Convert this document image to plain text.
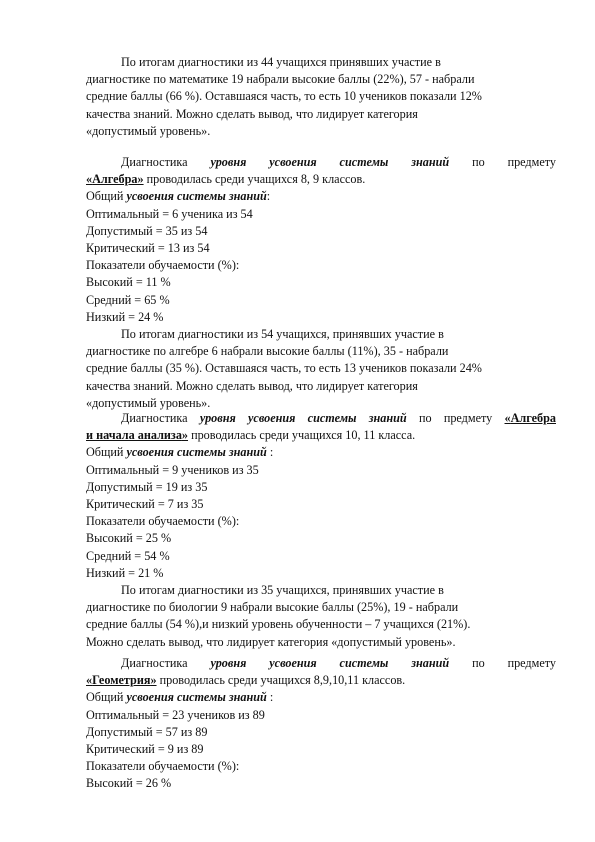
По итогам диагностики из 44 учащихся принявших участие в

диагностике по математике 19 набрали высокие баллы (22%), 57 - набрали

средние баллы (66 %). Оставшаяся часть, то есть 10 учеников показали 12%

качества знаний. Можно сделать вывод, что лидирует категория

«допустимый уровень».

Диагностика уровня усвоения системы знаний по предмету

«Алгебра» проводилась среди учащихся 8, 9 классов.

Общий усвоения системы знаний:

Оптимальный = 6 ученика из 54

Допустимый = 35 из 54

Критический = 13 из 54

Показатели обучаемости (%):

Высокий = 11 %

Средний = 65 %

Низкий = 24 %

По итогам диагностики из 54 учащихся, принявших участие в

диагностике по алгебре 6 набрали высокие баллы (11%), 35 - набрали

средние баллы (35 %). Оставшаяся часть, то есть 13 учеников показали 24%

качества знаний. Можно сделать вывод, что лидирует категория

«допустимый уровень».

Диагностика уровня усвоения системы знаний по предмету «Алгебра

и начала анализа» проводилась среди учащихся 10, 11 класса.

Общий усвоения системы знаний :

Оптимальный = 9 учеников из 35

Допустимый = 19 из 35

Критический = 7 из 35

Показатели обучаемости (%):

Высокий = 25 %

Средний = 54 %

Низкий = 21 %

По итогам диагностики из 35 учащихся, принявших участие в

диагностике по биологии 9 набрали высокие баллы (25%), 19 - набрали

средние баллы (54 %),и низкий уровень обученности – 7 учащихся (21%).

Можно сделать вывод, что лидирует категория «допустимый уровень».

Диагностика уровня усвоения системы знаний по предмету

«Геометрия» проводилась среди учащихся 8,9,10,11 классов.

Общий усвоения системы знаний :

Оптимальный = 23 учеников из 89

Допустимый = 57 из 89

Критический = 9 из 89

Показатели обучаемости (%):

Высокий = 26 %
